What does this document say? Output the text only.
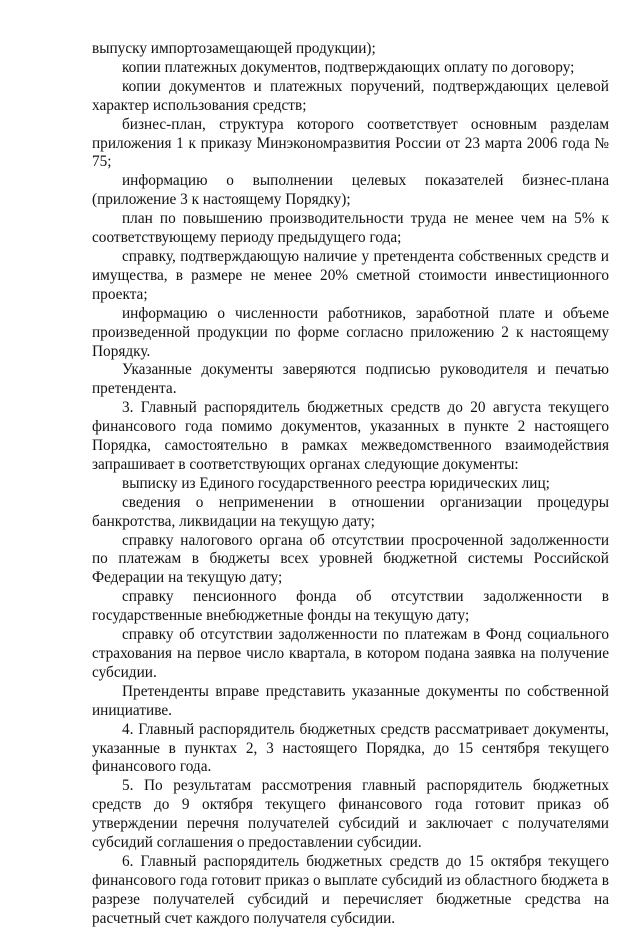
выпуску импортозамещающей продукции);

копии платежных документов, подтверждающих оплату по договору;

копии документов и платежных поручений, подтверждающих целевой характер использования средств;

бизнес-план, структура которого соответствует основным разделам приложения 1 к приказу Минэкономразвития России от 23 марта 2006 года № 75;

информацию о выполнении целевых показателей бизнес-плана (приложение 3 к настоящему Порядку);

план по повышению производительности труда не менее чем на 5% к соответствующему периоду предыдущего года;

справку, подтверждающую наличие у претендента собственных средств и имущества, в размере не менее 20% сметной стоимости инвестиционного проекта;

информацию о численности работников, заработной плате и объеме произведенной продукции по форме согласно приложению 2 к настоящему Порядку.

Указанные документы заверяются подписью руководителя и печатью претендента.

3. Главный распорядитель бюджетных средств до 20 августа текущего финансового года помимо документов, указанных в пункте 2 настоящего Порядка, самостоятельно в рамках межведомственного взаимодействия запрашивает в соответствующих органах следующие документы:

выписку из Единого государственного реестра юридических лиц;

сведения о неприменении в отношении организации процедуры банкротства, ликвидации на текущую дату;

справку налогового органа об отсутствии просроченной задолженности по платежам в бюджеты всех уровней бюджетной системы Российской Федерации на текущую дату;

справку пенсионного фонда об отсутствии задолженности в государственные внебюджетные фонды на текущую дату;

справку об отсутствии задолженности по платежам в Фонд социального страхования на первое число квартала, в котором подана заявка на получение субсидии.

Претенденты вправе представить указанные документы по собственной инициативе.

4. Главный распорядитель бюджетных средств рассматривает документы, указанные в пунктах 2, 3 настоящего Порядка, до 15 сентября текущего финансового года.

5. По результатам рассмотрения главный распорядитель бюджетных средств до 9 октября текущего финансового года готовит приказ об утверждении перечня получателей субсидий и заключает с получателями субсидий соглашения о предоставлении субсидии.

6. Главный распорядитель бюджетных средств до 15 октября текущего финансового года готовит приказ о выплате субсидий из областного бюджета в разрезе получателей субсидий и перечисляет бюджетные средства на расчетный счет каждого получателя субсидии.
